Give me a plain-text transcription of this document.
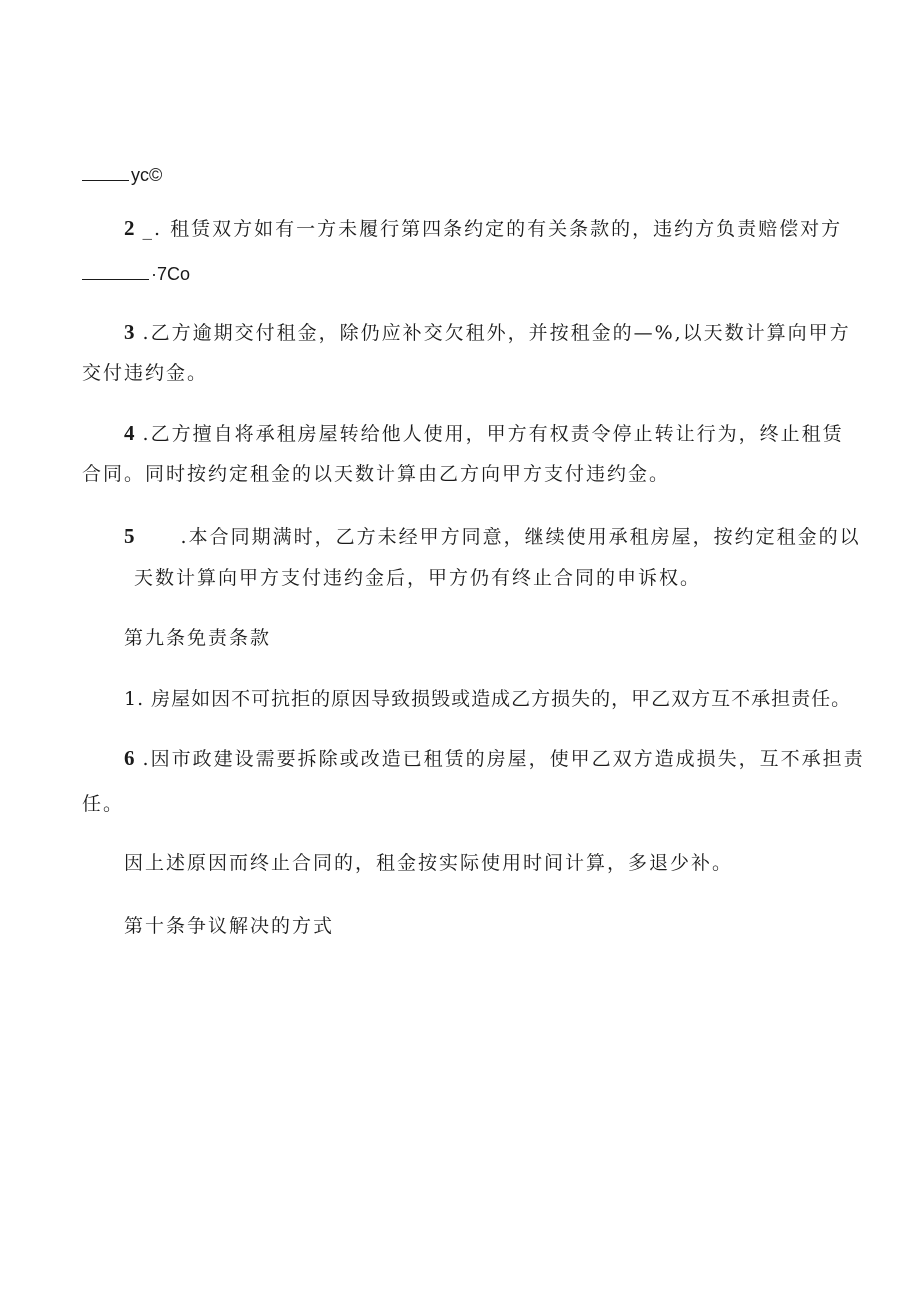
yc©
2 _. 租赁双方如有一方未履行第四条约定的有关条款的，违约方负责赔偿对方
·7Co
3 .乙方逾期交付租金，除仍应补交欠租外，并按租金的—%,以天数计算向甲方
交付违约金。
4 .乙方擅自将承租房屋转给他人使用，甲方有权责令停止转让行为，终止租赁
合同。同时按约定租金的以天数计算由乙方向甲方支付违约金。
5 .本合同期满时，乙方未经甲方同意，继续使用承租房屋，按约定租金的以
天数计算向甲方支付违约金后，甲方仍有终止合同的申诉权。
第九条免责条款
1. 房屋如因不可抗拒的原因导致损毁或造成乙方损失的，甲乙双方互不承担责任。
6 .因市政建设需要拆除或改造已租赁的房屋，使甲乙双方造成损失，互不承担责
任。
因上述原因而终止合同的，租金按实际使用时间计算，多退少补。
第十条争议解决的方式
